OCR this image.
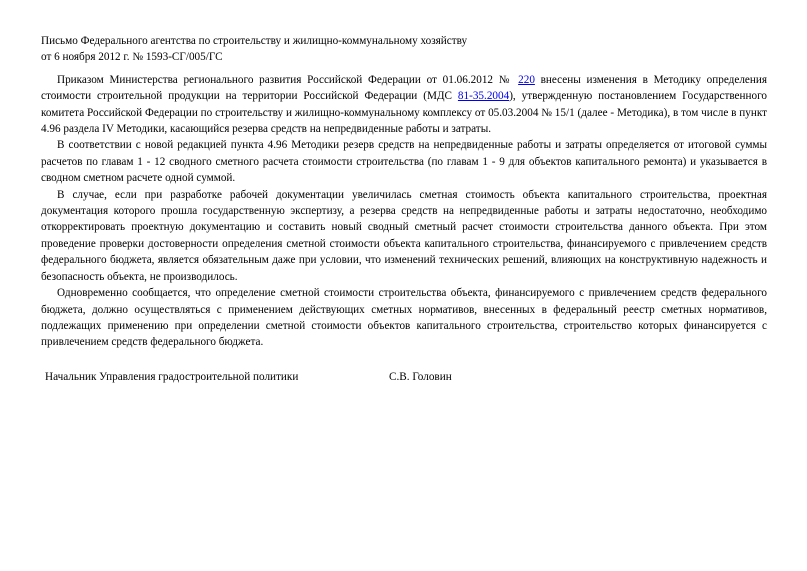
Письмо Федерального агентства по строительству и жилищно-коммунальному хозяйству

от 6 ноября 2012 г. № 1593-СГ/005/ГС

Приказом Министерства регионального развития Российской Федерации от 01.06.2012 № 220 внесены изменения в Методику определения стоимости строительной продукции на территории Российской Федерации (МДС 81-35.2004), утвержденную постановлением Государственного комитета Российской Федерации по строительству и жилищно-коммунальному комплексу от 05.03.2004 № 15/1 (далее - Методика), в том числе в пункт 4.96 раздела IV Методики, касающийся резерва средств на непредвиденные работы и затраты.

В соответствии с новой редакцией пункта 4.96 Методики резерв средств на непредвиденные работы и затраты определяется от итоговой суммы расчетов по главам 1 - 12 сводного сметного расчета стоимости строительства (по главам 1 - 9 для объектов капитального ремонта) и указывается в сводном сметном расчете одной суммой.

В случае, если при разработке рабочей документации увеличилась сметная стоимость объекта капитального строительства, проектная документация которого прошла государственную экспертизу, а резерва средств на непредвиденные работы и затраты недостаточно, необходимо откорректировать проектную документацию и составить новый сводный сметный расчет стоимости строительства данного объекта. При этом проведение проверки достоверности определения сметной стоимости объекта капитального строительства, финансируемого с привлечением средств федерального бюджета, является обязательным даже при условии, что изменений технических решений, влияющих на конструктивную надежность и безопасность объекта, не производилось.

Одновременно сообщается, что определение сметной стоимости строительства объекта, финансируемого с привлечением средств федерального бюджета, должно осуществляться с применением действующих сметных нормативов, внесенных в федеральный реестр сметных нормативов, подлежащих применению при определении сметной стоимости объектов капитального строительства, строительство которых финансируется с привлечением средств федерального бюджета.

Начальник Управления градостроительной политики	С.В. Головин
